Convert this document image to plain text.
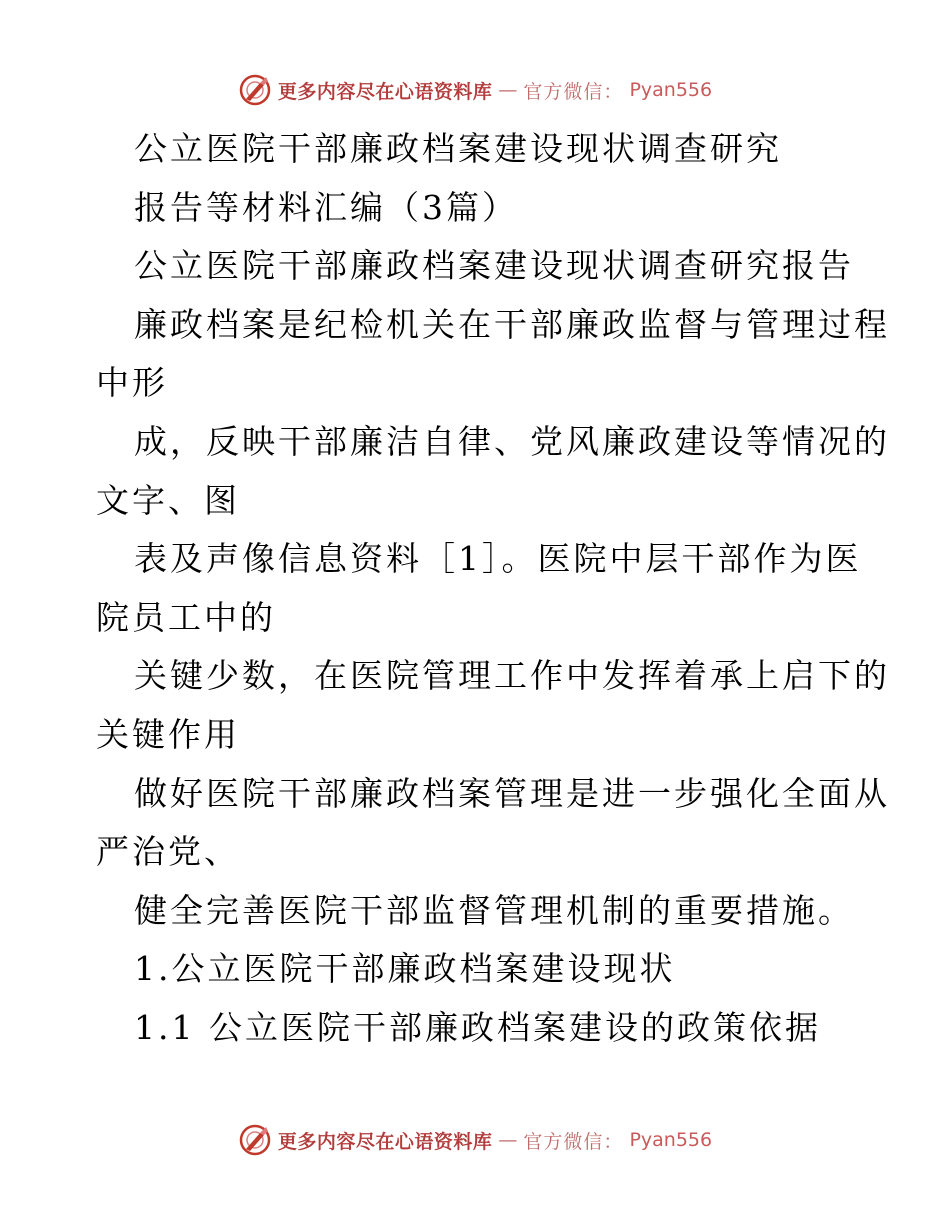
更多内容尽在心语资料库 — 官方微信： Pyan556
公立医院干部廉政档案建设现状调查研究
报告等材料汇编（3篇）
公立医院干部廉政档案建设现状调查研究报告
廉政档案是纪检机关在干部廉政监督与管理过程
中形
成，反映干部廉洁自律、党风廉政建设等情况的
文字、图
表及声像信息资料［1］。医院中层干部作为医
院员工中的
关键少数，在医院管理工作中发挥着承上启下的
关键作用
做好医院干部廉政档案管理是进一步强化全面从
严治党、
健全完善医院干部监督管理机制的重要措施。
1.公立医院干部廉政档案建设现状
1.1 公立医院干部廉政档案建设的政策依据
更多内容尽在心语资料库 — 官方微信： Pyan556
